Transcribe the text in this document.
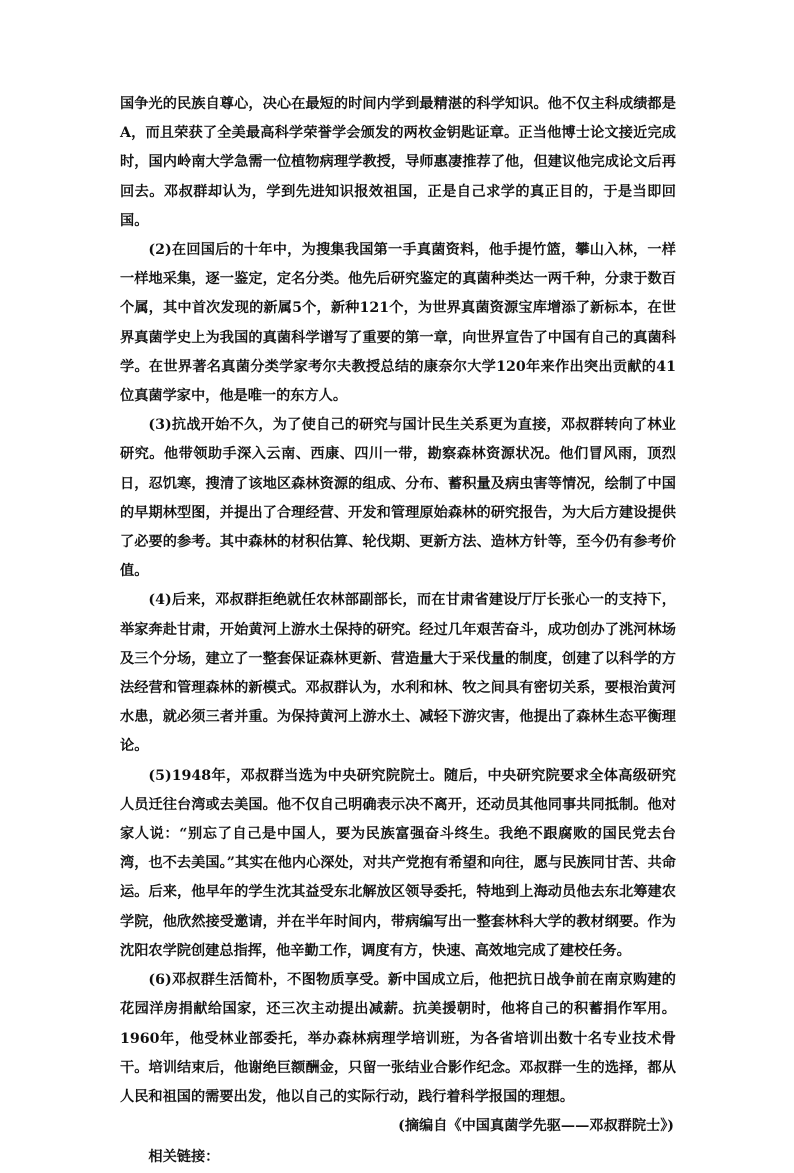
国争光的民族自尊心，决心在最短的时间内学到最精湛的科学知识。他不仅主科成绩都是A，而且荣获了全美最高科学荣誉学会颁发的两枚金钥匙证章。正当他博士论文接近完成时，国内岭南大学急需一位植物病理学教授，导师惠凄推荐了他，但建议他完成论文后再回去。邓叔群却认为，学到先进知识报效祖国，正是自己求学的真正目的，于是当即回国。

(2)在回国后的十年中，为搜集我国第一手真菌资料，他手提竹篮，攀山入林，一样一样地采集，逐一鉴定，定名分类。他先后研究鉴定的真菌种类达一两千种，分隶于数百个属，其中首次发现的新属5个，新种121个，为世界真菌资源宝库增添了新标本，在世界真菌学史上为我国的真菌科学谱写了重要的第一章，向世界宣告了中国有自己的真菌科学。在世界著名真菌分类学家考尔夫教授总结的康奈尔大学120年来作出突出贡献的41位真菌学家中，他是唯一的东方人。

(3)抗战开始不久，为了使自己的研究与国计民生关系更为直接，邓叔群转向了林业研究。他带领助手深入云南、西康、四川一带，勘察森林资源状况。他们冒风雨，顶烈日，忍饥寒，搜清了该地区森林资源的组成、分布、蓄积量及病虫害等情况，绘制了中国的早期林型图，并提出了合理经营、开发和管理原始森林的研究报告，为大后方建设提供了必要的参考。其中森林的材积估算、轮伐期、更新方法、造林方针等，至今仍有参考价值。

(4)后来，邓叔群拒绝就任农林部副部长，而在甘肃省建设厅厅长张心一的支持下，举家奔赴甘肃，开始黄河上游水土保持的研究。经过几年艰苦奋斗，成功创办了洮河林场及三个分场，建立了一整套保证森林更新、营造量大于采伐量的制度，创建了以科学的方法经营和管理森林的新模式。邓叔群认为，水利和林、牧之间具有密切关系，要根治黄河水患，就必须三者并重。为保持黄河上游水土、减轻下游灾害，他提出了森林生态平衡理论。

(5)1948年，邓叔群当选为中央研究院院士。随后，中央研究院要求全体高级研究人员迁往台湾或去美国。他不仅自己明确表示决不离开，还动员其他同事共同抵制。他对家人说：“别忘了自己是中国人，要为民族富强奋斗终生。我绝不跟腐败的国民党去台湾，也不去美国。”其实在他内心深处，对共产党抱有希望和向往，愿与民族同甘苦、共命运。后来，他早年的学生沈其益受东北解放区领导委托，特地到上海动员他去东北筹建农学院，他欣然接受邀请，并在半年时间内，带病编写出一整套林科大学的教材纲要。作为沈阳农学院创建总指挥，他辛勤工作，调度有方，快速、高效地完成了建校任务。

(6)邓叔群生活简朴，不图物质享受。新中国成立后，他把抗日战争前在南京购建的花园洋房捐献给国家，还三次主动提出减薪。抗美援朝时，他将自己的积蓄捐作军用。1960年，他受林业部委托，举办森林病理学培训班，为各省培训出数十名专业技术骨干。培训结束后，他谢绝巨额酬金，只留一张结业合影作纪念。邓叔群一生的选择，都从人民和祖国的需要出发，他以自己的实际行动，践行着科学报国的理想。

(摘编自《中国真菌学先驱——邓叔群院士》)

相关链接：
